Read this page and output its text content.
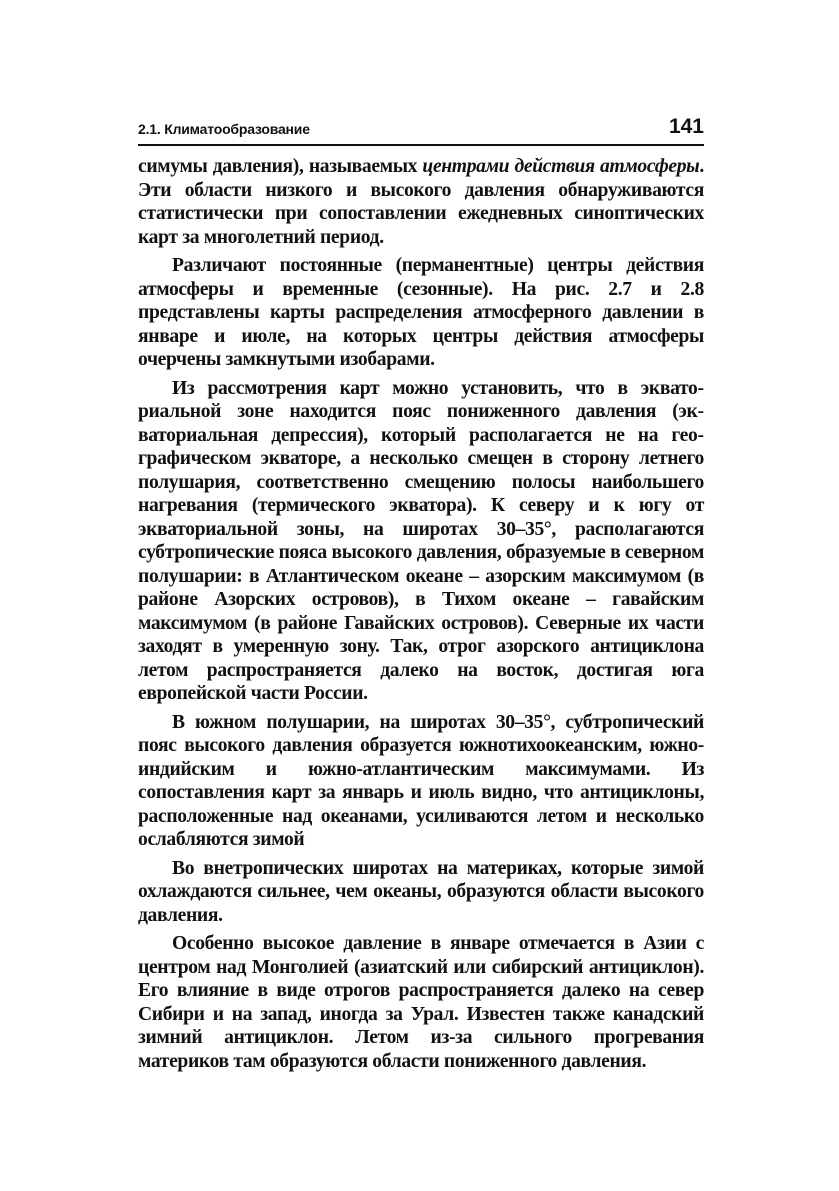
2.1. Климатообразование	141

симумы давления), называемых центрами действия атмосферы. Эти области низкого и высокого давления обнаруживаются статистически при сопоставлении ежедневных синоптических карт за многолетний период.

Различают постоянные (перманентные) центры действия атмосферы и временные (сезонные). На рис. 2.7 и 2.8 представлены карты распределения атмосферного давлении в январе и июле, на которых центры действия атмосферы очерчены замкнутыми изобарами.

Из рассмотрения карт можно установить, что в экваториальной зоне находится пояс пониженного давления (экваториальная депрессия), который располагается не на географическом экваторе, а несколько смещен в сторону летнего полушария, соответственно смещению полосы наибольшего нагревания (термического экватора). К северу и к югу от экваториальной зоны, на широтах 30–35°, располагаются субтропические пояса высокого давления, образуемые в северном полушарии: в Атлантическом океане – азорским максимумом (в районе Азорских островов), в Тихом океане – гавайским максимумом (в районе Гавайских островов). Северные их части заходят в умеренную зону. Так, отрог азорского антициклона летом распространяется далеко на восток, достигая юга европейской части России.

В южном полушарии, на широтах 30–35°, субтропический пояс высокого давления образуется южнотихоокеанским, южно-индийским и южно-атлантическим максимумами. Из сопоставления карт за январь и июль видно, что антициклоны, расположенные над океанами, усиливаются летом и несколько ослабляются зимой

Во внетропических широтах на материках, которые зимой охлаждаются сильнее, чем океаны, образуются области высокого давления.

Особенно высокое давление в январе отмечается в Азии с центром над Монголией (азиатский или сибирский антициклон). Его влияние в виде отрогов распространяется далеко на север Сибири и на запад, иногда за Урал. Известен также канадский зимний антициклон. Летом из-за сильного прогревания материков там образуются области пониженного давления.
